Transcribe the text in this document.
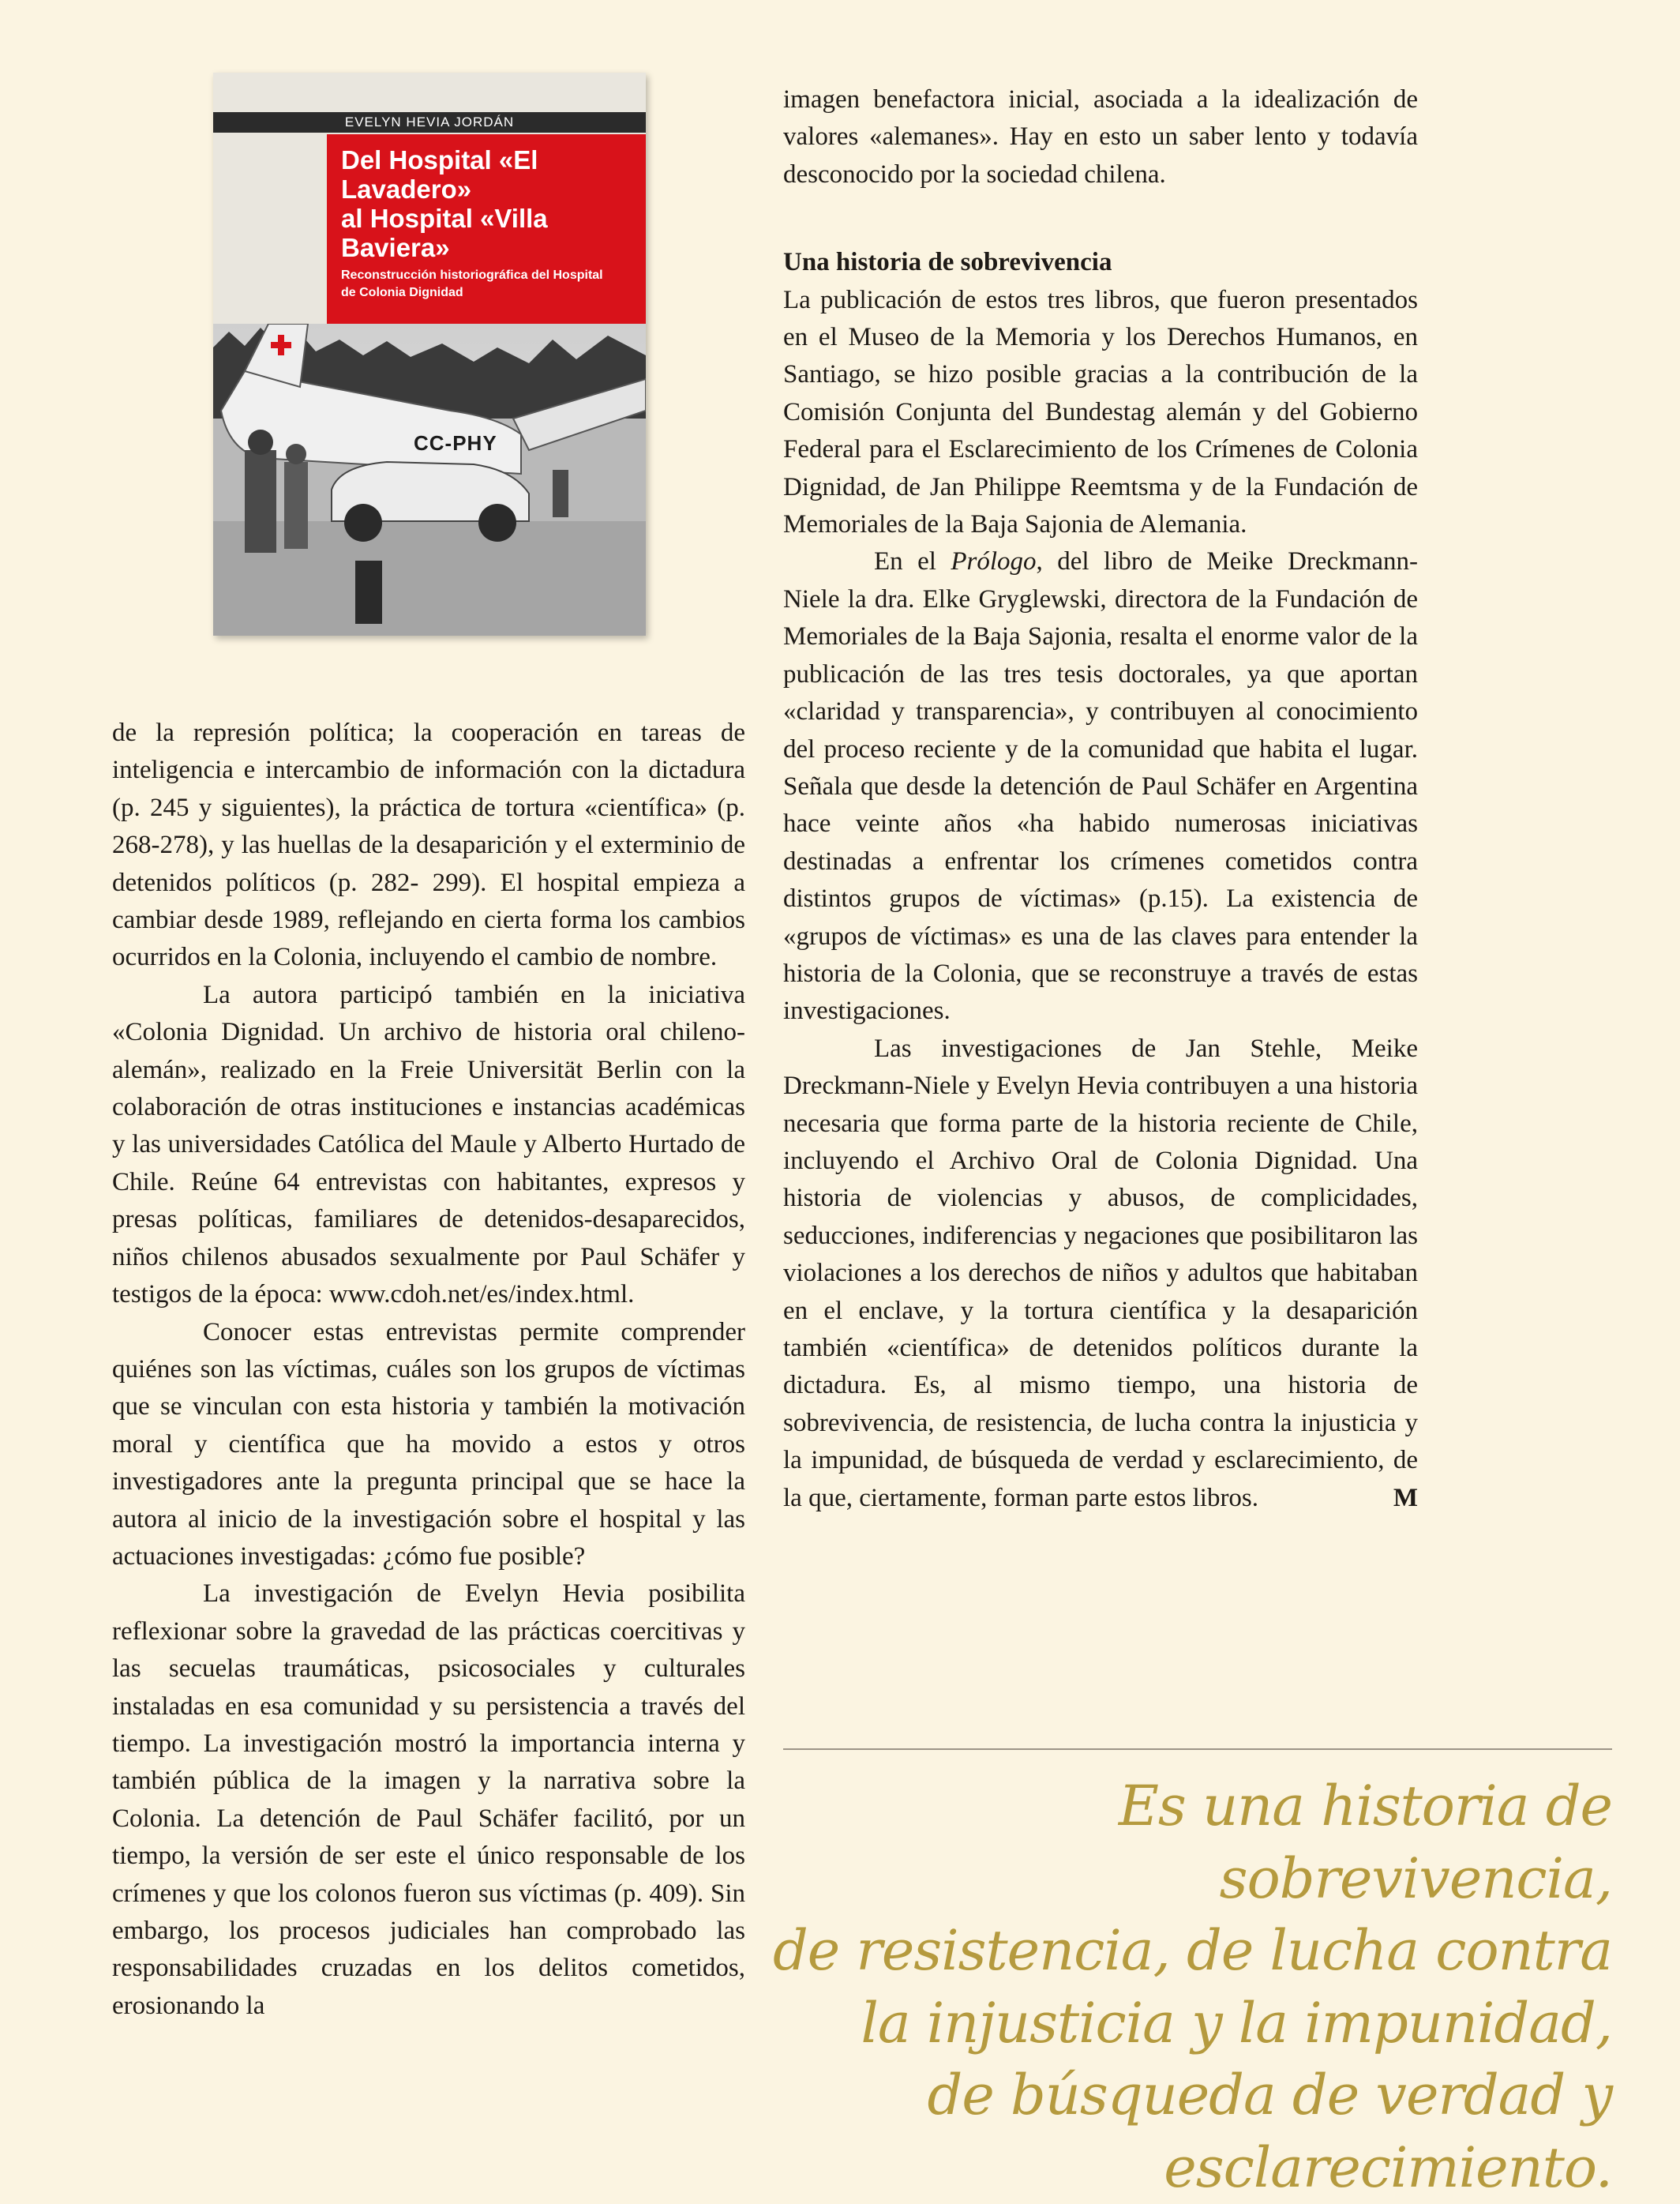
EVELYN HEVIA JORDÁN
Del Hospital «El Lavadero»
al Hospital «Villa Baviera»
Reconstrucción historiográfica del Hospital
de Colonia Dignidad
CC-PHY

de la represión política; la cooperación en tareas de inteligencia e intercambio de información con la dictadura (p. 245 y siguientes), la práctica de tortura «científica» (p. 268-278), y las huellas de la desaparición y el exterminio de detenidos políticos (p. 282- 299). El hospital empieza a cambiar desde 1989, reflejando en cierta forma los cambios ocurridos en la Colonia, incluyendo el cambio de nombre.

La autora participó también en la iniciativa «Colonia Dignidad. Un archivo de historia oral chileno-alemán», realizado en la Freie Universität Berlin con la colaboración de otras instituciones e instancias académicas y las universidades Católica del Maule y Alberto Hurtado de Chile. Reúne 64 entrevistas con habitantes, expresos y presas políticas, familiares de detenidos-desaparecidos, niños chilenos abusados sexualmente por Paul Schäfer y testigos de la época: www.cdoh.net/es/index.html.

Conocer estas entrevistas permite comprender quiénes son las víctimas, cuáles son los grupos de víctimas que se vinculan con esta historia y también la motivación moral y científica que ha movido a estos y otros investigadores ante la pregunta principal que se hace la autora al inicio de la investigación sobre el hospital y las actuaciones investigadas: ¿cómo fue posible?

La investigación de Evelyn Hevia posibilita reflexionar sobre la gravedad de las prácticas coercitivas y las secuelas traumáticas, psicosociales y culturales instaladas en esa comunidad y su persistencia a través del tiempo. La investigación mostró la importancia interna y también pública de la imagen y la narrativa sobre la Colonia. La detención de Paul Schäfer facilitó, por un tiempo, la versión de ser este el único responsable de los crímenes y que los colonos fueron sus víctimas (p. 409). Sin embargo, los procesos judiciales han comprobado las responsabilidades cruzadas en los delitos cometidos, erosionando la

imagen benefactora inicial, asociada a la idealización de valores «alemanes». Hay en esto un saber lento y todavía desconocido por la sociedad chilena.

Una historia de sobrevivencia

La publicación de estos tres libros, que fueron presentados en el Museo de la Memoria y los Derechos Humanos, en Santiago, se hizo posible gracias a la contribución de la Comisión Conjunta del Bundestag alemán y del Gobierno Federal para el Esclarecimiento de los Crímenes de Colonia Dignidad, de Jan Philippe Reemtsma y de la Fundación de Memoriales de la Baja Sajonia de Alemania.

En el Prólogo, del libro de Meike Dreckmann-Niele la dra. Elke Gryglewski, directora de la Fundación de Memoriales de la Baja Sajonia, resalta el enorme valor de la publicación de las tres tesis doctorales, ya que aportan «claridad y transparencia», y contribuyen al conocimiento del proceso reciente y de la comunidad que habita el lugar. Señala que desde la detención de Paul Schäfer en Argentina hace veinte años «ha habido numerosas iniciativas destinadas a enfrentar los crímenes cometidos contra distintos grupos de víctimas» (p.15). La existencia de «grupos de víctimas» es una de las claves para entender la historia de la Colonia, que se reconstruye a través de estas investigaciones.

Las investigaciones de Jan Stehle, Meike Dreckmann-Niele y Evelyn Hevia contribuyen a una historia necesaria que forma parte de la historia reciente de Chile, incluyendo el Archivo Oral de Colonia Dignidad. Una historia de violencias y abusos, de complicidades, seducciones, indiferencias y negaciones que posibilitaron las violaciones a los derechos de niños y adultos que habitaban en el enclave, y la tortura científica y la desaparición también «científica» de detenidos políticos durante la dictadura. Es, al mismo tiempo, una historia de sobrevivencia, de resistencia, de lucha contra la injusticia y la impunidad, de búsqueda de verdad y esclarecimiento, de la que, ciertamente, forman parte estos libros.	M

Es una historia de sobrevivencia,
de resistencia, de lucha contra
la injusticia y la impunidad,
de búsqueda de verdad y
esclarecimiento.
